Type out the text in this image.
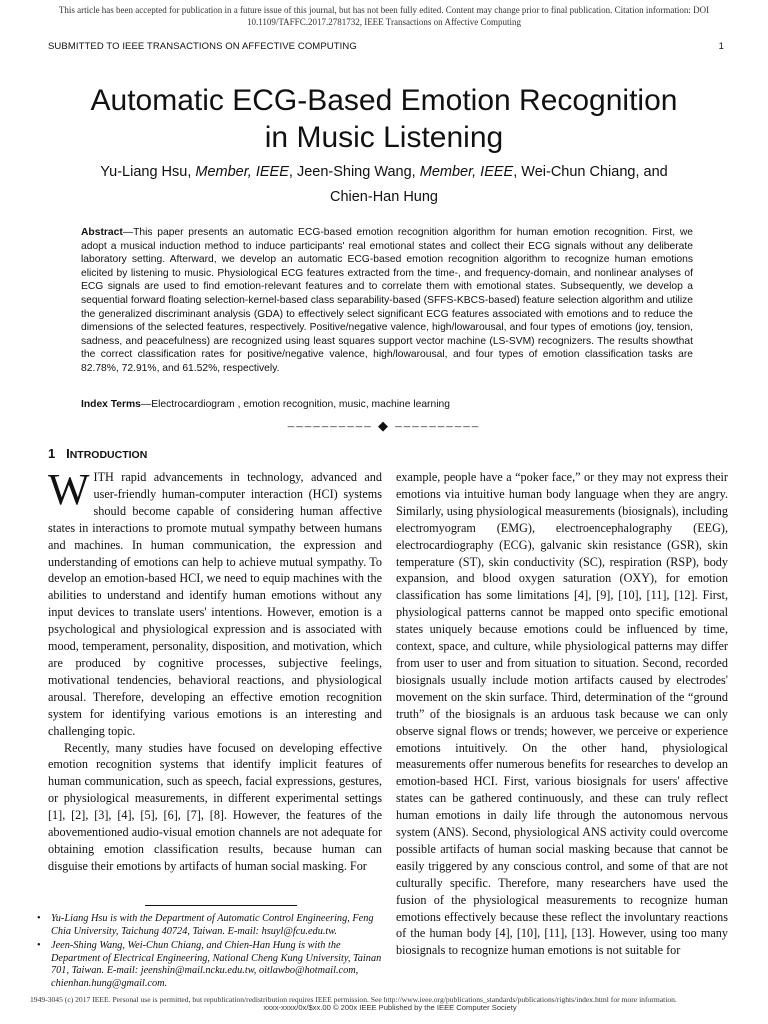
This article has been accepted for publication in a future issue of this journal, but has not been fully edited. Content may change prior to final publication. Citation information: DOI
10.1109/TAFFC.2017.2781732, IEEE Transactions on Affective Computing
SUBMITTED TO IEEE TRANSACTIONS ON AFFECTIVE COMPUTING	1
Automatic ECG-Based Emotion Recognition
in Music Listening
Yu-Liang Hsu, Member, IEEE, Jeen-Shing Wang, Member, IEEE, Wei-Chun Chiang, and
Chien-Han Hung

Abstract—This paper presents an automatic ECG-based emotion recognition algorithm for human emotion recognition. First, we adopt a musical induction method to induce participants' real emotional states and collect their ECG signals without any deliberate laboratory setting. Afterward, we develop an automatic ECG-based emotion recognition algorithm to recognize human emotions elicited by listening to music. Physiological ECG features extracted from the time-, and frequency-domain, and nonlinear analyses of ECG signals are used to find emotion-relevant features and to correlate them with emotional states. Subsequently, we develop a sequential forward floating selection-kernel-based class separability-based (SFFS-KBCS-based) feature selection algorithm and utilize the generalized discriminant analysis (GDA) to effectively select significant ECG features associated with emotions and to reduce the dimensions of the selected features, respectively. Positive/negative valence, high/lowarousal, and four types of emotions (joy, tension, sadness, and peacefulness) are recognized using least squares support vector machine (LS-SVM) recognizers. The results showthat the correct classification rates for positive/negative valence, high/lowarousal, and four types of emotion classification tasks are 82.78%, 72.91%, and 61.52%, respectively.

Index Terms—Electrocardiogram , emotion recognition, music, machine learning

–––––––––– ◆ ––––––––––
1 INTRODUCTION

WITH rapid advancements in technology, advanced and user-friendly human-computer interaction (HCI) systems should become capable of considering human affective states in interactions to promote mutual sympathy between humans and machines. In human communication, the expression and understanding of emotions can help to achieve mutual sympathy. To develop an emotion-based HCI, we need to equip machines with the abilities to understand and identify human emotions without any input devices to translate users' intentions. However, emotion is a psychological and physiological expression and is associated with mood, temperament, personality, disposition, and motivation, which are produced by cognitive processes, subjective feelings, motivational tendencies, behavioral reactions, and physiological arousal. Therefore, developing an effective emotion recognition system for identifying various emotions is an interesting and challenging topic.

Recently, many studies have focused on developing effective emotion recognition systems that identify implicit features of human communication, such as speech, facial expressions, gestures, or physiological measurements, in different experimental settings [1], [2], [3], [4], [5], [6], [7], [8]. However, the features of the abovementioned audio-visual emotion channels are not adequate for obtaining emotion classification results, because human can disguise their emotions by artifacts of human social masking. For

example, people have a “poker face,” or they may not express their emotions via intuitive human body language when they are angry. Similarly, using physiological measurements (biosignals), including electromyogram (EMG), electroencephalography (EEG), electrocardiography (ECG), galvanic skin resistance (GSR), skin temperature (ST), skin conductivity (SC), respiration (RSP), body expansion, and blood oxygen saturation (OXY), for emotion classification has some limitations [4], [9], [10], [11], [12]. First, physiological patterns cannot be mapped onto specific emotional states uniquely because emotions could be influenced by time, context, space, and culture, while physiological patterns may differ from user to user and from situation to situation. Second, recorded biosignals usually include motion artifacts caused by electrodes' movement on the skin surface. Third, determination of the “ground truth” of the biosignals is an arduous task because we can only observe signal flows or trends; however, we perceive or experience emotions intuitively. On the other hand, physiological measurements offer numerous benefits for researches to develop an emotion-based HCI. First, various biosignals for users' affective states can be gathered continuously, and these can truly reflect human emotions in daily life through the autonomous nervous system (ANS). Second, physiological ANS activity could overcome possible artifacts of human social masking because that cannot be easily triggered by any conscious control, and some of that are not culturally specific. Therefore, many researchers have used the fusion of the physiological measurements to recognize human emotions effectively because these reflect the involuntary reactions of the human body [4], [10], [11], [13]. However, using too many biosignals to recognize human emotions is not suitable for

• Yu-Liang Hsu is with the Department of Automatic Control Engineering, Feng Chia University, Taichung 40724, Taiwan. E-mail: hsuyl@fcu.edu.tw.
• Jeen-Shing Wang, Wei-Chun Chiang, and Chien-Han Hung is with the Department of Electrical Engineering, National Cheng Kung University, Tainan 701, Taiwan. E-mail: jeenshin@mail.ncku.edu.tw, oitlawbo@hotmail.com, chienhan.hung@gmail.com.
1949-3045 (c) 2017 IEEE. Personal use is permitted, but republication/redistribution requires IEEE permission. See http://www.ieee.org/publications_standards/publications/rights/index.html for more information.
xxxx-xxxx/0x/$xx.00 © 200x IEEE Published by the IEEE Computer Society
